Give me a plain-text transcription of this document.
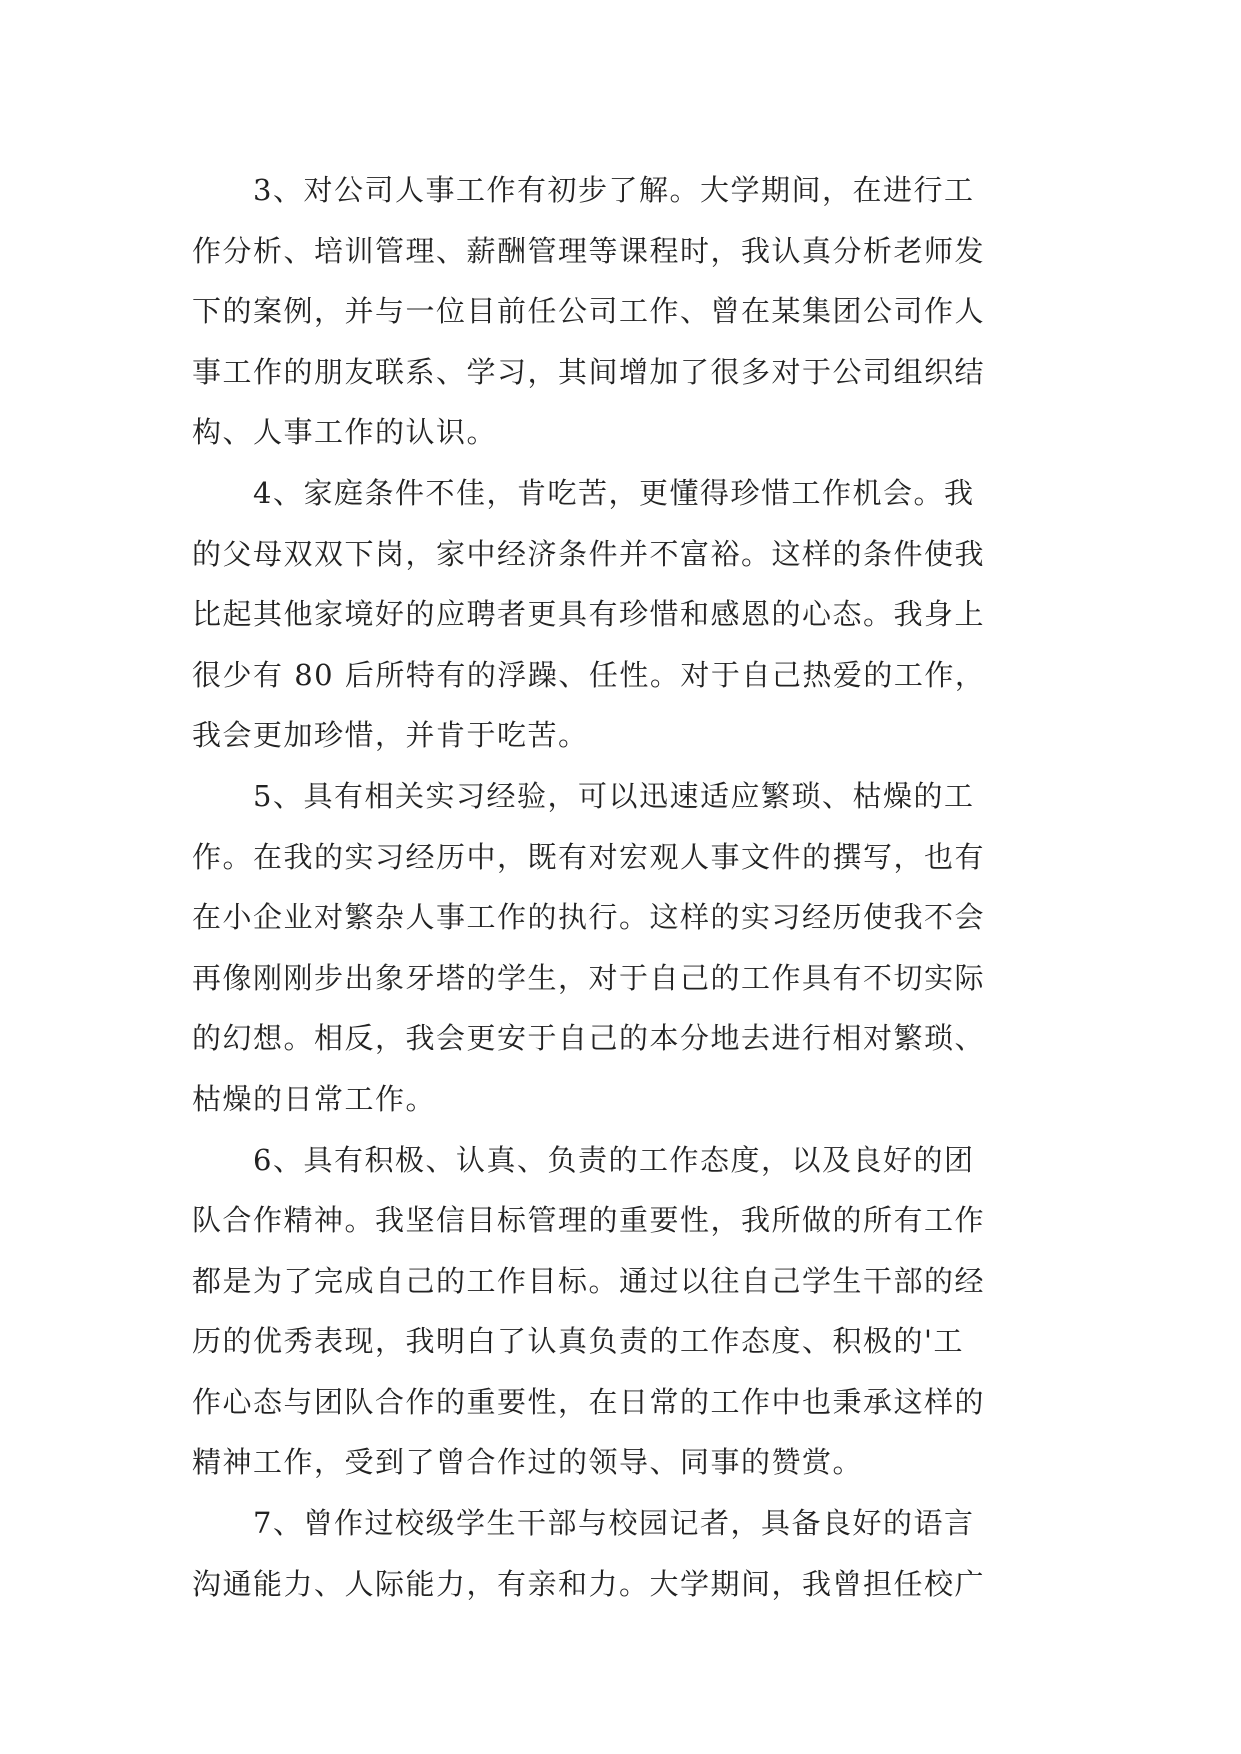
3、对公司人事工作有初步了解。大学期间，在进行工
作分析、培训管理、薪酬管理等课程时，我认真分析老师发
下的案例，并与一位目前任公司工作、曾在某集团公司作人
事工作的朋友联系、学习，其间增加了很多对于公司组织结
构、人事工作的认识。
4、家庭条件不佳，肯吃苦，更懂得珍惜工作机会。我
的父母双双下岗，家中经济条件并不富裕。这样的条件使我
比起其他家境好的应聘者更具有珍惜和感恩的心态。我身上
很少有 80 后所特有的浮躁、任性。对于自己热爱的工作，
我会更加珍惜，并肯于吃苦。
5、具有相关实习经验，可以迅速适应繁琐、枯燥的工
作。在我的实习经历中，既有对宏观人事文件的撰写，也有
在小企业对繁杂人事工作的执行。这样的实习经历使我不会
再像刚刚步出象牙塔的学生，对于自己的工作具有不切实际
的幻想。相反，我会更安于自己的本分地去进行相对繁琐、
枯燥的日常工作。
6、具有积极、认真、负责的工作态度，以及良好的团
队合作精神。我坚信目标管理的重要性，我所做的所有工作
都是为了完成自己的工作目标。通过以往自己学生干部的经
历的优秀表现，我明白了认真负责的工作态度、积极的'工
作心态与团队合作的重要性，在日常的工作中也秉承这样的
精神工作，受到了曾合作过的领导、同事的赞赏。
7、曾作过校级学生干部与校园记者，具备良好的语言
沟通能力、人际能力，有亲和力。大学期间，我曾担任校广
